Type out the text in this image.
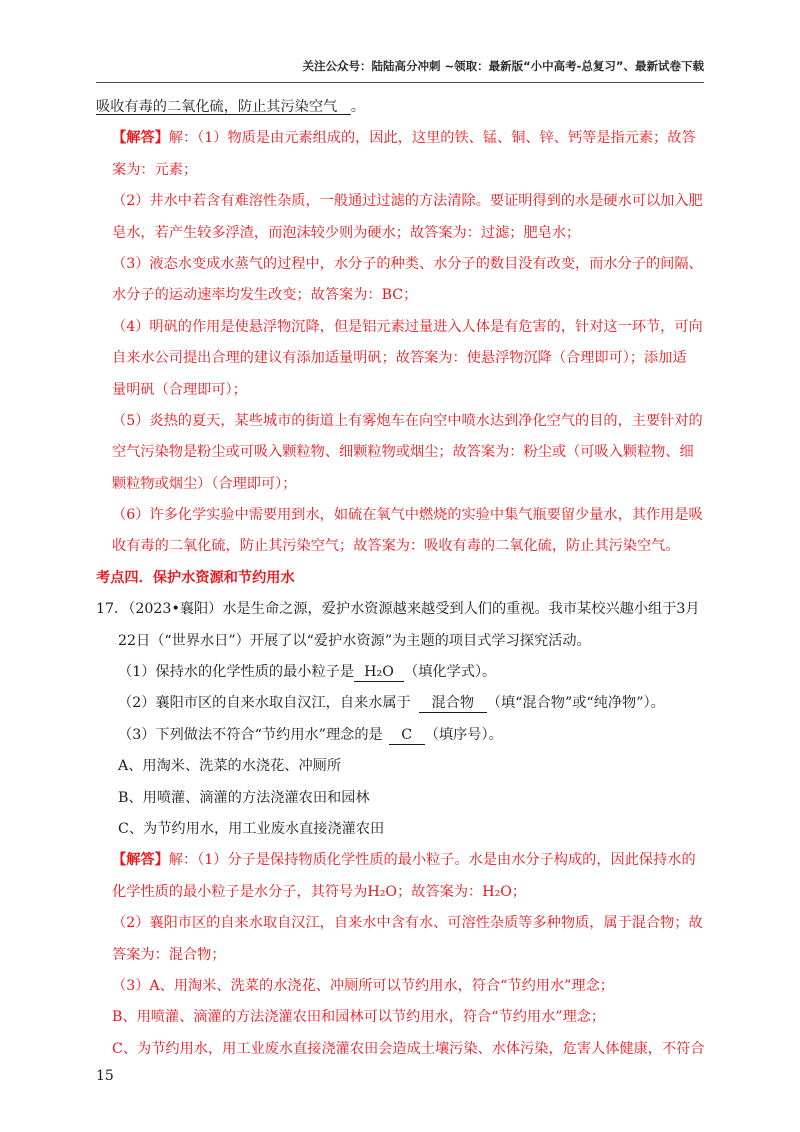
关注公众号：陆陆高分冲刺 ~领取：最新版“小中高考-总复习”、最新试卷下载
吸收有毒的二氧化硫，防止其污染空气 。
【解答】解：（1）物质是由元素组成的，因此，这里的铁、锰、铜、锌、钙等是指元素；故答
案为：元素；
（2）井水中若含有难溶性杂质，一般通过过滤的方法清除。要证明得到的水是硬水可以加入肥
皂水，若产生较多浮渣，而泡沫较少则为硬水；故答案为：过滤；肥皂水；
（3）液态水变成水蒸气的过程中，水分子的种类、水分子的数目没有改变，而水分子的间隔、
水分子的运动速率均发生改变；故答案为：BC；
（4）明矾的作用是使悬浮物沉降，但是铝元素过量进入人体是有危害的，针对这一环节，可向
自来水公司提出合理的建议有添加适量明矾；故答案为：使悬浮物沉降（合理即可）；添加适
量明矾（合理即可）；
（5）炎热的夏天，某些城市的街道上有雾炮车在向空中喷水达到净化空气的目的，主要针对的
空气污染物是粉尘或可吸入颗粒物、细颗粒物或烟尘；故答案为：粉尘或（可吸入颗粒物、细
颗粒物或烟尘）（合理即可）；
（6）许多化学实验中需要用到水，如硫在氧气中燃烧的实验中集气瓶要留少量水，其作用是吸
收有毒的二氧化硫，防止其污染空气；故答案为：吸收有毒的二氧化硫，防止其污染空气。
考点四．保护水资源和节约用水
17．（2023•襄阳）水是生命之源，爱护水资源越来越受到人们的重视。我市某校兴趣小组于3月
22日（“世界水日”）开展了以“爱护水资源”为主题的项目式学习探究活动。
（1）保持水的化学性质的最小粒子是 H₂O （填化学式）。
（2）襄阳市区的自来水取自汉江，自来水属于 混合物 （填“混合物”或“纯净物”）。
（3）下列做法不符合“节约用水”理念的是 C （填序号）。
A、用淘米、洗菜的水浇花、冲厕所
B、用喷灌、滴灌的方法浇灌农田和园林
C、为节约用水，用工业废水直接浇灌农田
【解答】解：（1）分子是保持物质化学性质的最小粒子。水是由水分子构成的，因此保持水的
化学性质的最小粒子是水分子，其符号为H₂O；故答案为：H₂O；
（2）襄阳市区的自来水取自汉江，自来水中含有水、可溶性杂质等多种物质，属于混合物；故
答案为：混合物；
（3）A、用淘米、洗菜的水浇花、冲厕所可以节约用水，符合“节约用水”理念；
B、用喷灌、滴灌的方法浇灌农田和园林可以节约用水，符合“节约用水”理念；
C、为节约用水，用工业废水直接浇灌农田会造成土壤污染、水体污染，危害人体健康，不符合
15
